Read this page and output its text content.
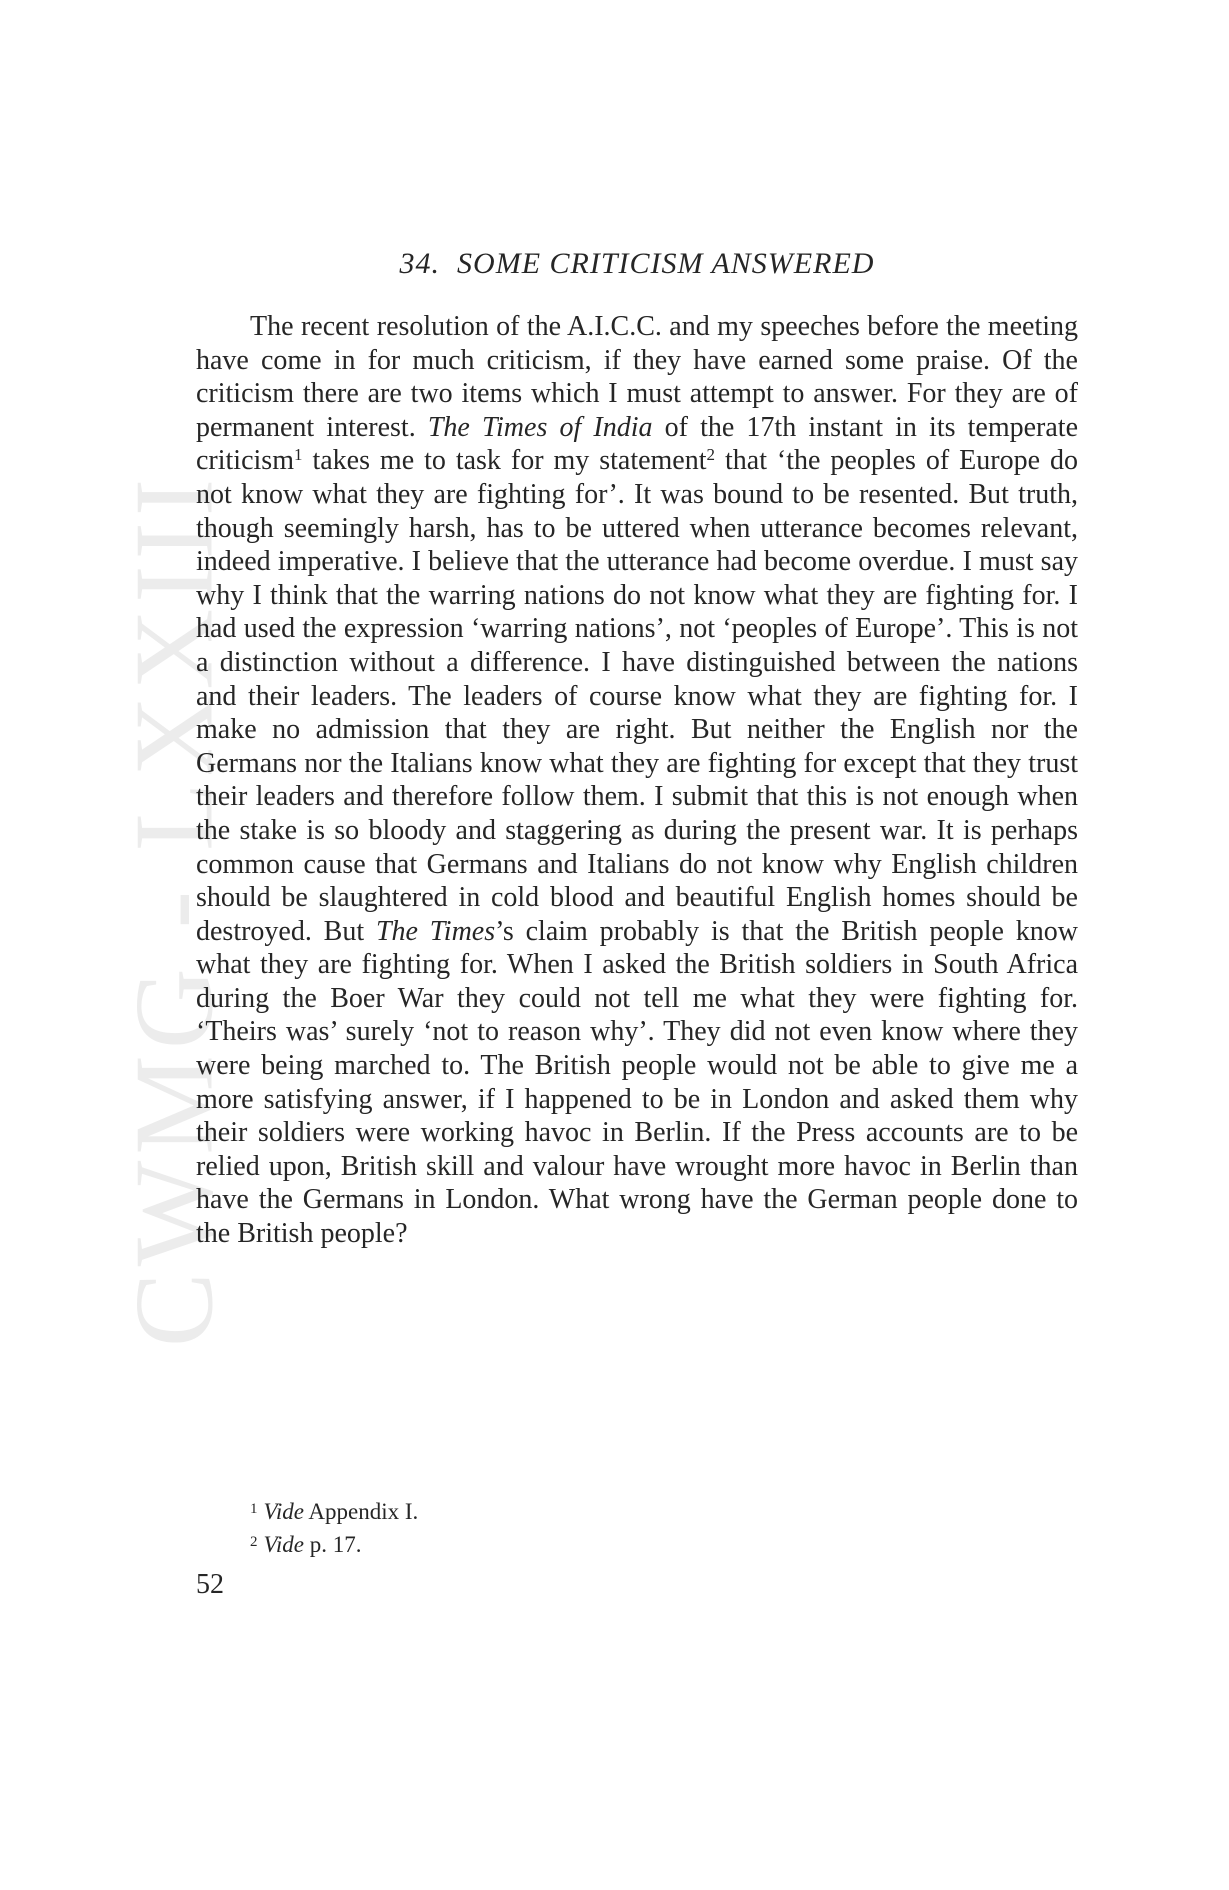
CWMG - LXXIII
34. SOME CRITICISM ANSWERED

The recent resolution of the A.I.C.C. and my speeches before the meeting have come in for much criticism, if they have earned some praise. Of the criticism there are two items which I must attempt to answer. For they are of permanent interest. The Times of India of the 17th instant in its temperate criticism$^1$ takes me to task for my statement$^2$ that ‘the peoples of Europe do not know what they are fighting for’. It was bound to be resented. But truth, though seemingly harsh, has to be uttered when utterance becomes relevant, indeed imperative. I believe that the utterance had become overdue. I must say why I think that the warring nations do not know what they are fighting for. I had used the expression ‘warring nations’, not ‘peoples of Europe’. This is not a distinction without a difference. I have distinguished between the nations and their leaders. The leaders of course know what they are fighting for. I make no admission that they are right. But neither the English nor the Germans nor the Italians know what they are fighting for except that they trust their leaders and therefore follow them. I submit that this is not enough when the stake is so bloody and staggering as during the present war. It is perhaps common cause that Germans and Italians do not know why English children should be slaughtered in cold blood and beautiful English homes should be destroyed. But The Times’s claim probably is that the British people know what they are fighting for. When I asked the British soldiers in South Africa during the Boer War they could not tell me what they were fighting for. ‘Theirs was’ surely ‘not to reason why’. They did not even know where they were being marched to. The British people would not be able to give me a more satisfying answer, if I happened to be in London and asked them why their soldiers were working havoc in Berlin. If the Press accounts are to be relied upon, British skill and valour have wrought more havoc in Berlin than have the Germans in London. What wrong have the German people done to the British people?

$^1$ Vide Appendix I.
$^2$ Vide p. 17.
52
